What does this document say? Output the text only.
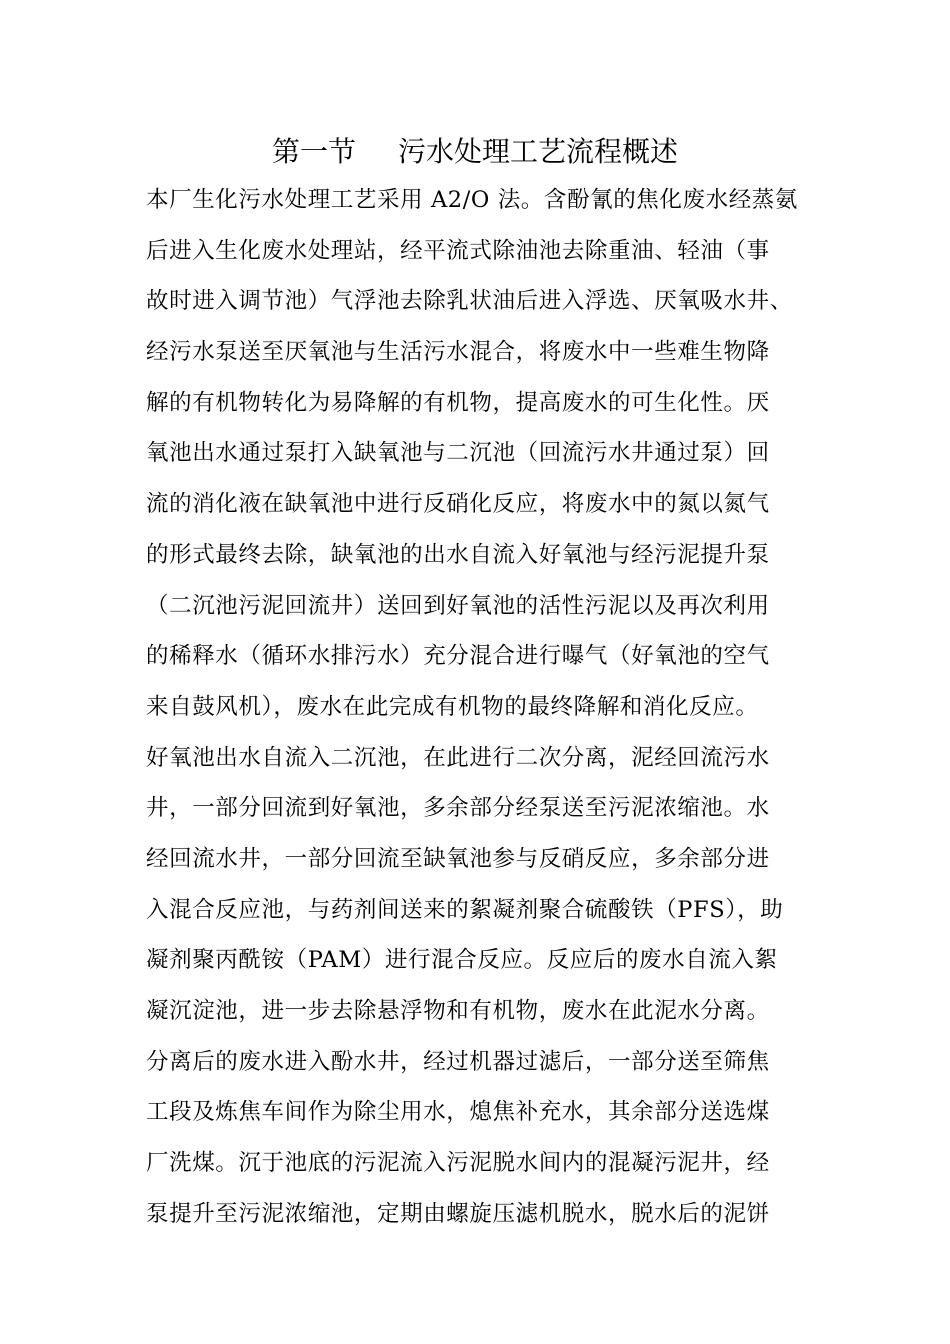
第一节 污水处理工艺流程概述
本厂生化污水处理工艺采用 A2/O 法。含酚氰的焦化废水经蒸氨
后进入生化废水处理站，经平流式除油池去除重油、轻油（事
故时进入调节池）气浮池去除乳状油后进入浮选、厌氧吸水井、
经污水泵送至厌氧池与生活污水混合，将废水中一些难生物降
解的有机物转化为易降解的有机物，提高废水的可生化性。厌
氧池出水通过泵打入缺氧池与二沉池（回流污水井通过泵）回
流的消化液在缺氧池中进行反硝化反应，将废水中的氮以氮气
的形式最终去除，缺氧池的出水自流入好氧池与经污泥提升泵
（二沉池污泥回流井）送回到好氧池的活性污泥以及再次利用
的稀释水（循环水排污水）充分混合进行曝气（好氧池的空气
来自鼓风机），废水在此完成有机物的最终降解和消化反应。
好氧池出水自流入二沉池，在此进行二次分离，泥经回流污水
井，一部分回流到好氧池，多余部分经泵送至污泥浓缩池。水
经回流水井，一部分回流至缺氧池参与反硝反应，多余部分进
入混合反应池，与药剂间送来的絮凝剂聚合硫酸铁（PFS），助
凝剂聚丙酰铵（PAM）进行混合反应。反应后的废水自流入絮
凝沉淀池，进一步去除悬浮物和有机物，废水在此泥水分离。
分离后的废水进入酚水井，经过机器过滤后，一部分送至筛焦
工段及炼焦车间作为除尘用水，熄焦补充水，其余部分送选煤
厂洗煤。沉于池底的污泥流入污泥脱水间内的混凝污泥井，经
泵提升至污泥浓缩池，定期由螺旋压滤机脱水，脱水后的泥饼
